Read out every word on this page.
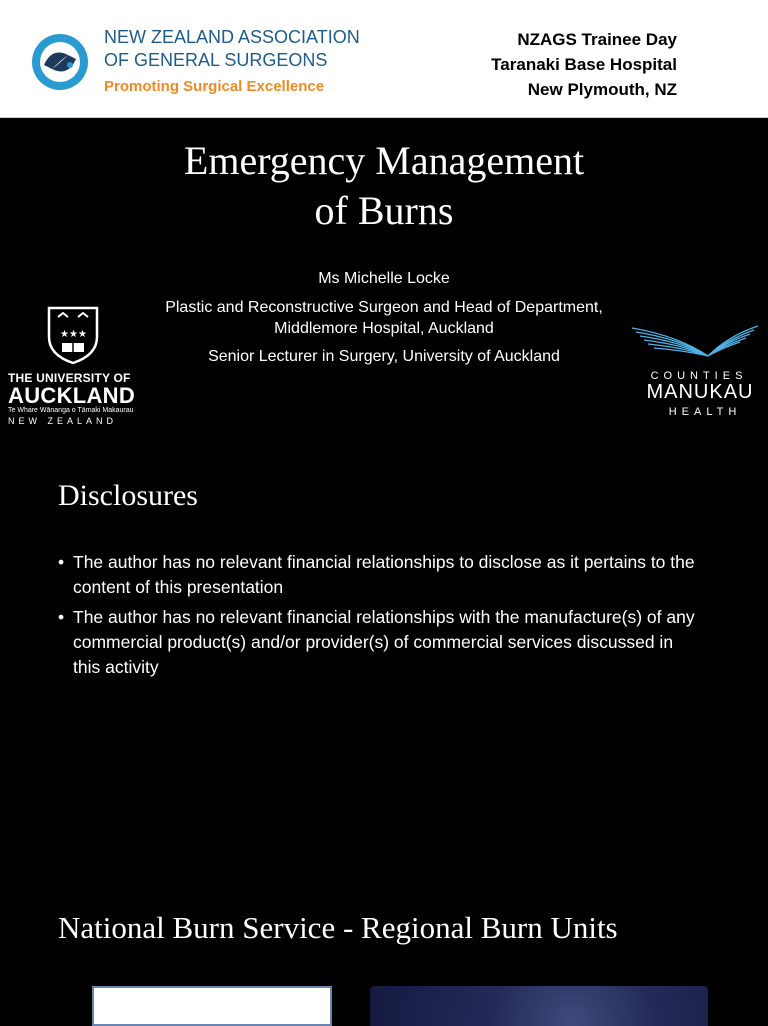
NEW ZEALAND ASSOCIATION
OF GENERAL SURGEONS
Promoting Surgical Excellence
NZAGS Trainee Day
Taranaki Base Hospital
New Plymouth, NZ
Emergency Management
of Burns

Ms Michelle Locke

Plastic and Reconstructive Surgeon and Head of Department,
Middlemore Hospital, Auckland

Senior Lecturer in Surgery, University of Auckland

★ ★ ★
THE UNIVERSITY OF
AUCKLAND
Te Whare Wānanga o Tāmaki Makaurau
NEW ZEALAND
COUNTIES
MANUKAU
HEALTH
Disclosures
• The author has no relevant financial relationships to disclose as it pertains to the content of this presentation
• The author has no relevant financial relationships with the manufacture(s) of any commercial product(s) and/or provider(s) of commercial services discussed in this activity
National Burn Service - Regional Burn Units
